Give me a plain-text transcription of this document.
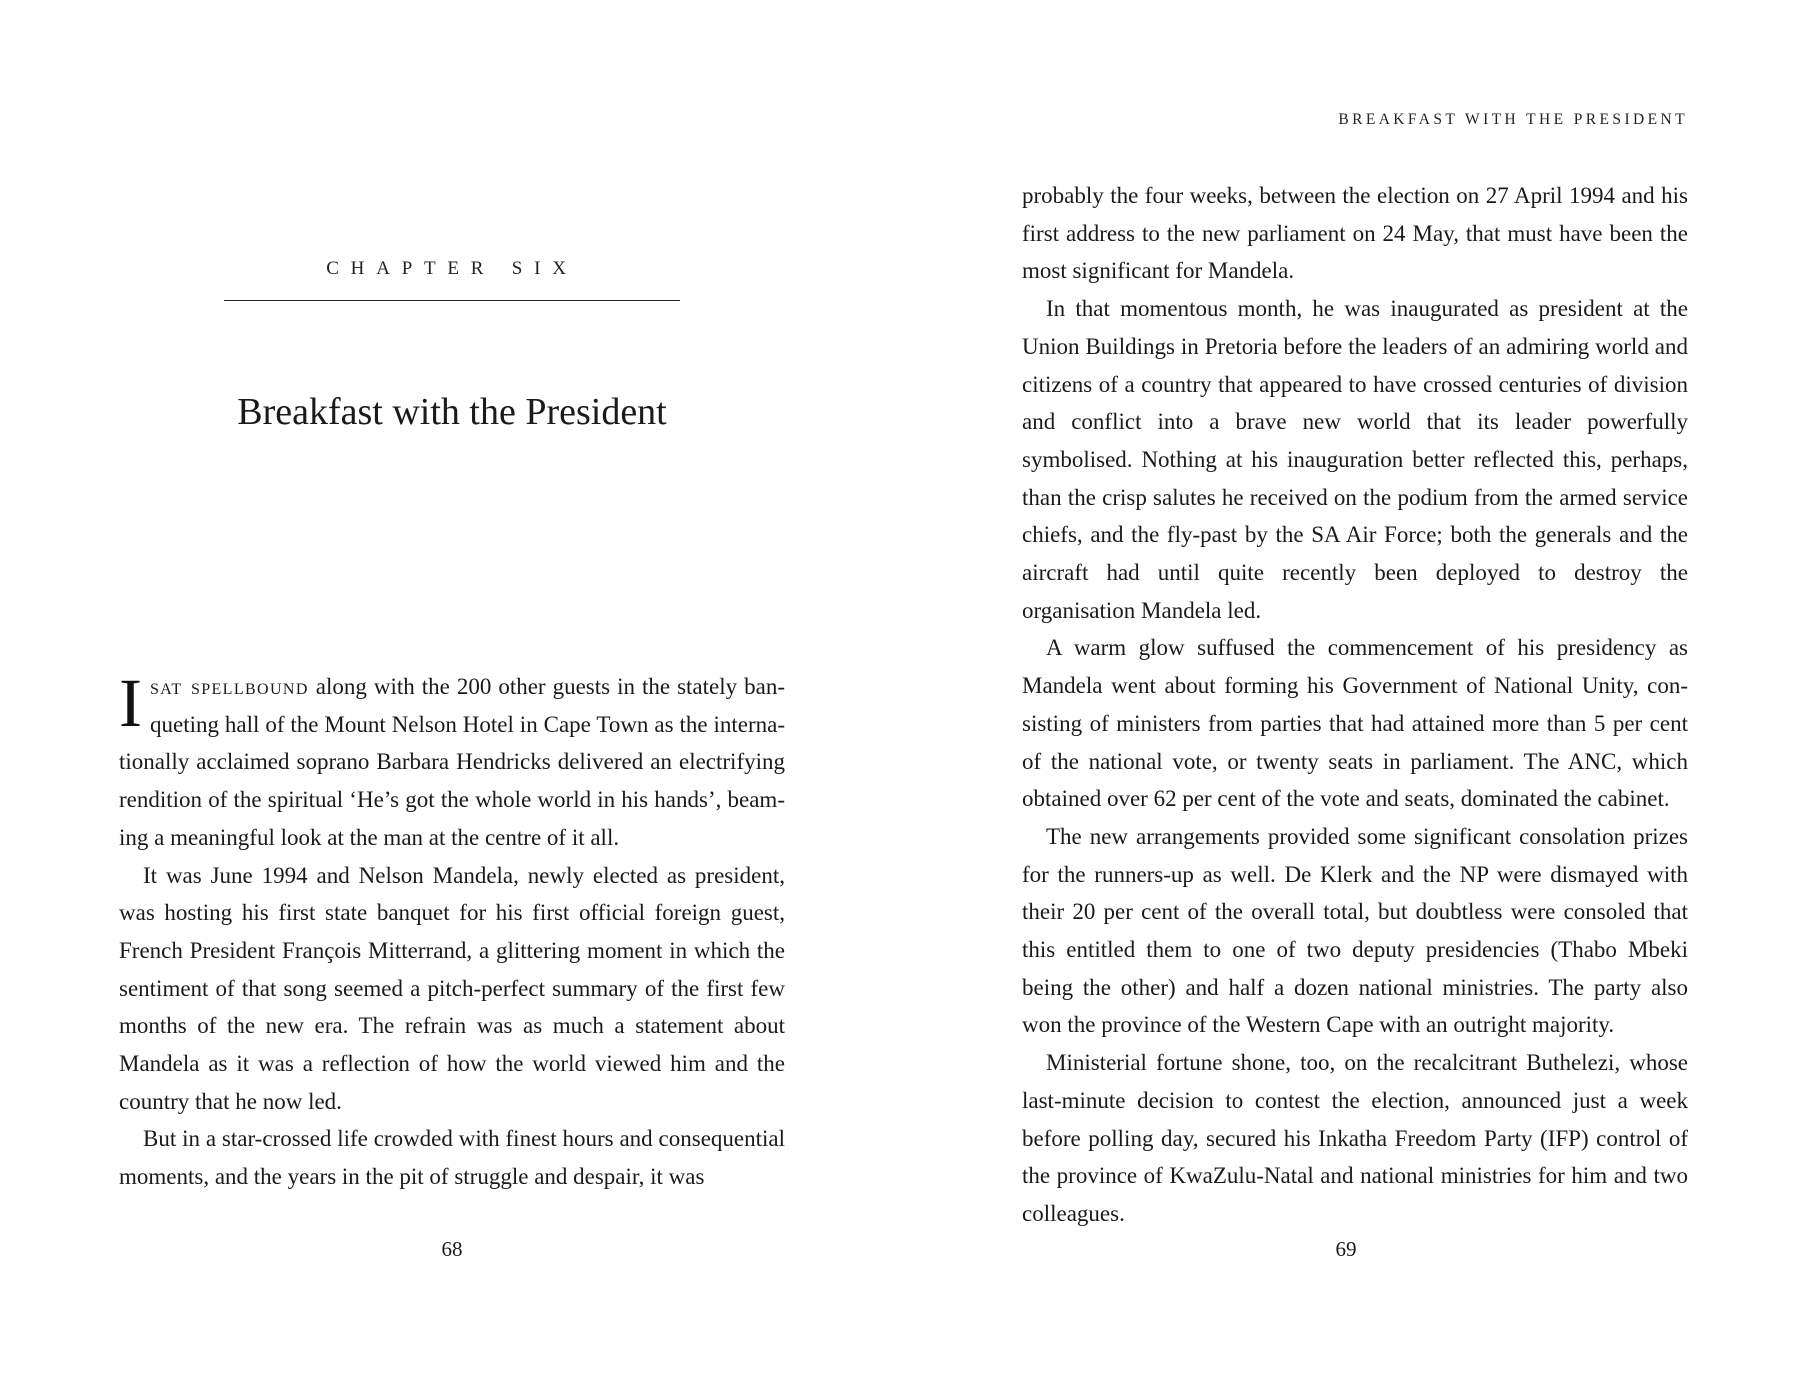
CHAPTER SIX
Breakfast with the President

Isat spellbound along with the 200 other guests in the stately banqueting hall of the Mount Nelson Hotel in Cape Town as the internationally acclaimed soprano Barbara Hendricks delivered an electrifying rendition of the spiritual ‘He’s got the whole world in his hands’, beaming a meaningful look at the man at the centre of it all.

It was June 1994 and Nelson Mandela, newly elected as president, was hosting his first state banquet for his first official foreign guest, French President François Mitterrand, a glittering moment in which the sentiment of that song seemed a pitch-perfect summary of the first few months of the new era. The refrain was as much a statement about Mandela as it was a reflection of how the world viewed him and the country that he now led.

But in a star-crossed life crowded with finest hours and consequential moments, and the years in the pit of struggle and despair, it was

68
BREAKFAST WITH THE PRESIDENT

probably the four weeks, between the election on 27 April 1994 and his first address to the new parliament on 24 May, that must have been the most significant for Mandela.

In that momentous month, he was inaugurated as president at the Union Buildings in Pretoria before the leaders of an admiring world and citizens of a country that appeared to have crossed centuries of division and conflict into a brave new world that its leader powerfully symbolised. Nothing at his inauguration better reflected this, perhaps, than the crisp salutes he received on the podium from the armed service chiefs, and the fly-past by the SA Air Force; both the generals and the aircraft had until quite recently been deployed to destroy the organisation Mandela led.

A warm glow suffused the commencement of his presidency as Mandela went about forming his Government of National Unity, consisting of ministers from parties that had attained more than 5 per cent of the national vote, or twenty seats in parliament. The ANC, which obtained over 62 per cent of the vote and seats, dominated the cabinet.

The new arrangements provided some significant consolation prizes for the runners-up as well. De Klerk and the NP were dismayed with their 20 per cent of the overall total, but doubtless were consoled that this entitled them to one of two deputy presidencies (Thabo Mbeki being the other) and half a dozen national ministries. The party also won the province of the Western Cape with an outright majority.

Ministerial fortune shone, too, on the recalcitrant Buthelezi, whose last-minute decision to contest the election, announced just a week before polling day, secured his Inkatha Freedom Party (IFP) control of the province of KwaZulu-Natal and national ministries for him and two colleagues.

69
